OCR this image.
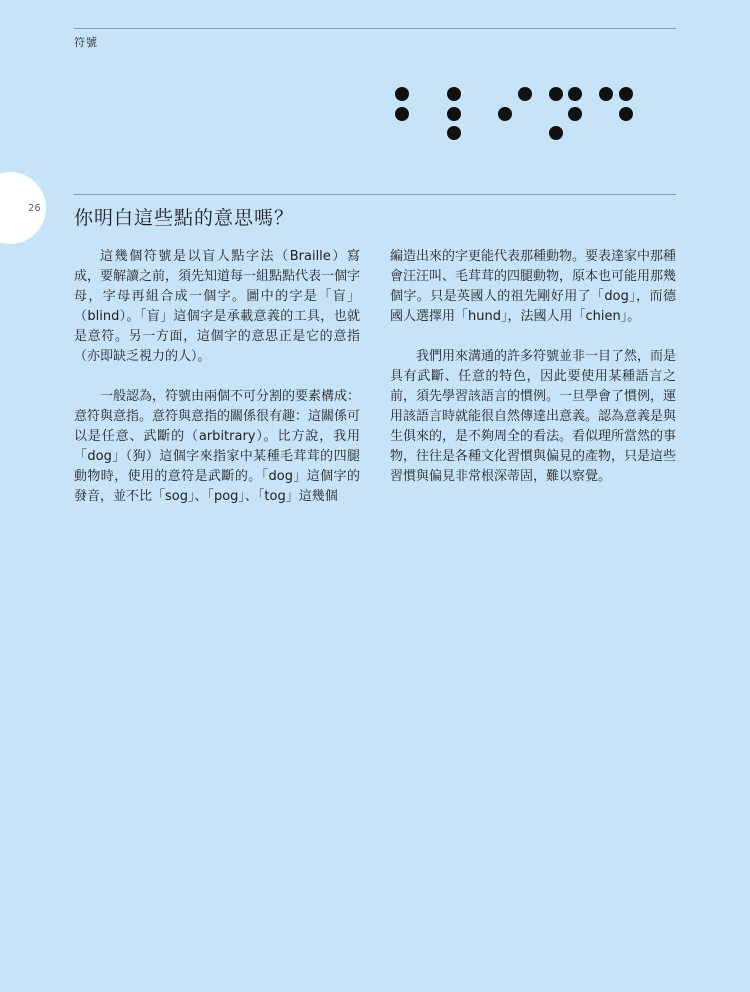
符號
26 你明白這些點的意思嗎？

這幾個符號是以盲人點字法（Braille）寫成，要解讀之前，須先知道每一組點點代表一個字母，字母再組合成一個字。圖中的字是「盲」（blind）。「盲」這個字是承載意義的工具，也就是意符。另一方面，這個字的意思正是它的意指（亦即缺乏視力的人）。

一般認為，符號由兩個不可分割的要素構成：意符與意指。意符與意指的關係很有趣：這關係可以是任意、武斷的（arbitrary）。比方說，我用「dog」（狗）這個字來指家中某種毛茸茸的四腿動物時，使用的意符是武斷的。「dog」這個字的發音，並不比「sog」、「pog」、「tog」這幾個

編造出來的字更能代表那種動物。要表達家中那種會汪汪叫、毛茸茸的四腿動物，原本也可能用那幾個字。只是英國人的祖先剛好用了「dog」，而德國人選擇用「hund」，法國人用「chien」。

我們用來溝通的許多符號並非一目了然，而是具有武斷、任意的特色，因此要使用某種語言之前，須先學習該語言的慣例。一旦學會了慣例，運用該語言時就能很自然傳達出意義。認為意義是與生俱來的，是不夠周全的看法。看似理所當然的事物，往往是各種文化習慣與偏見的產物，只是這些習慣與偏見非常根深蒂固，難以察覺。
